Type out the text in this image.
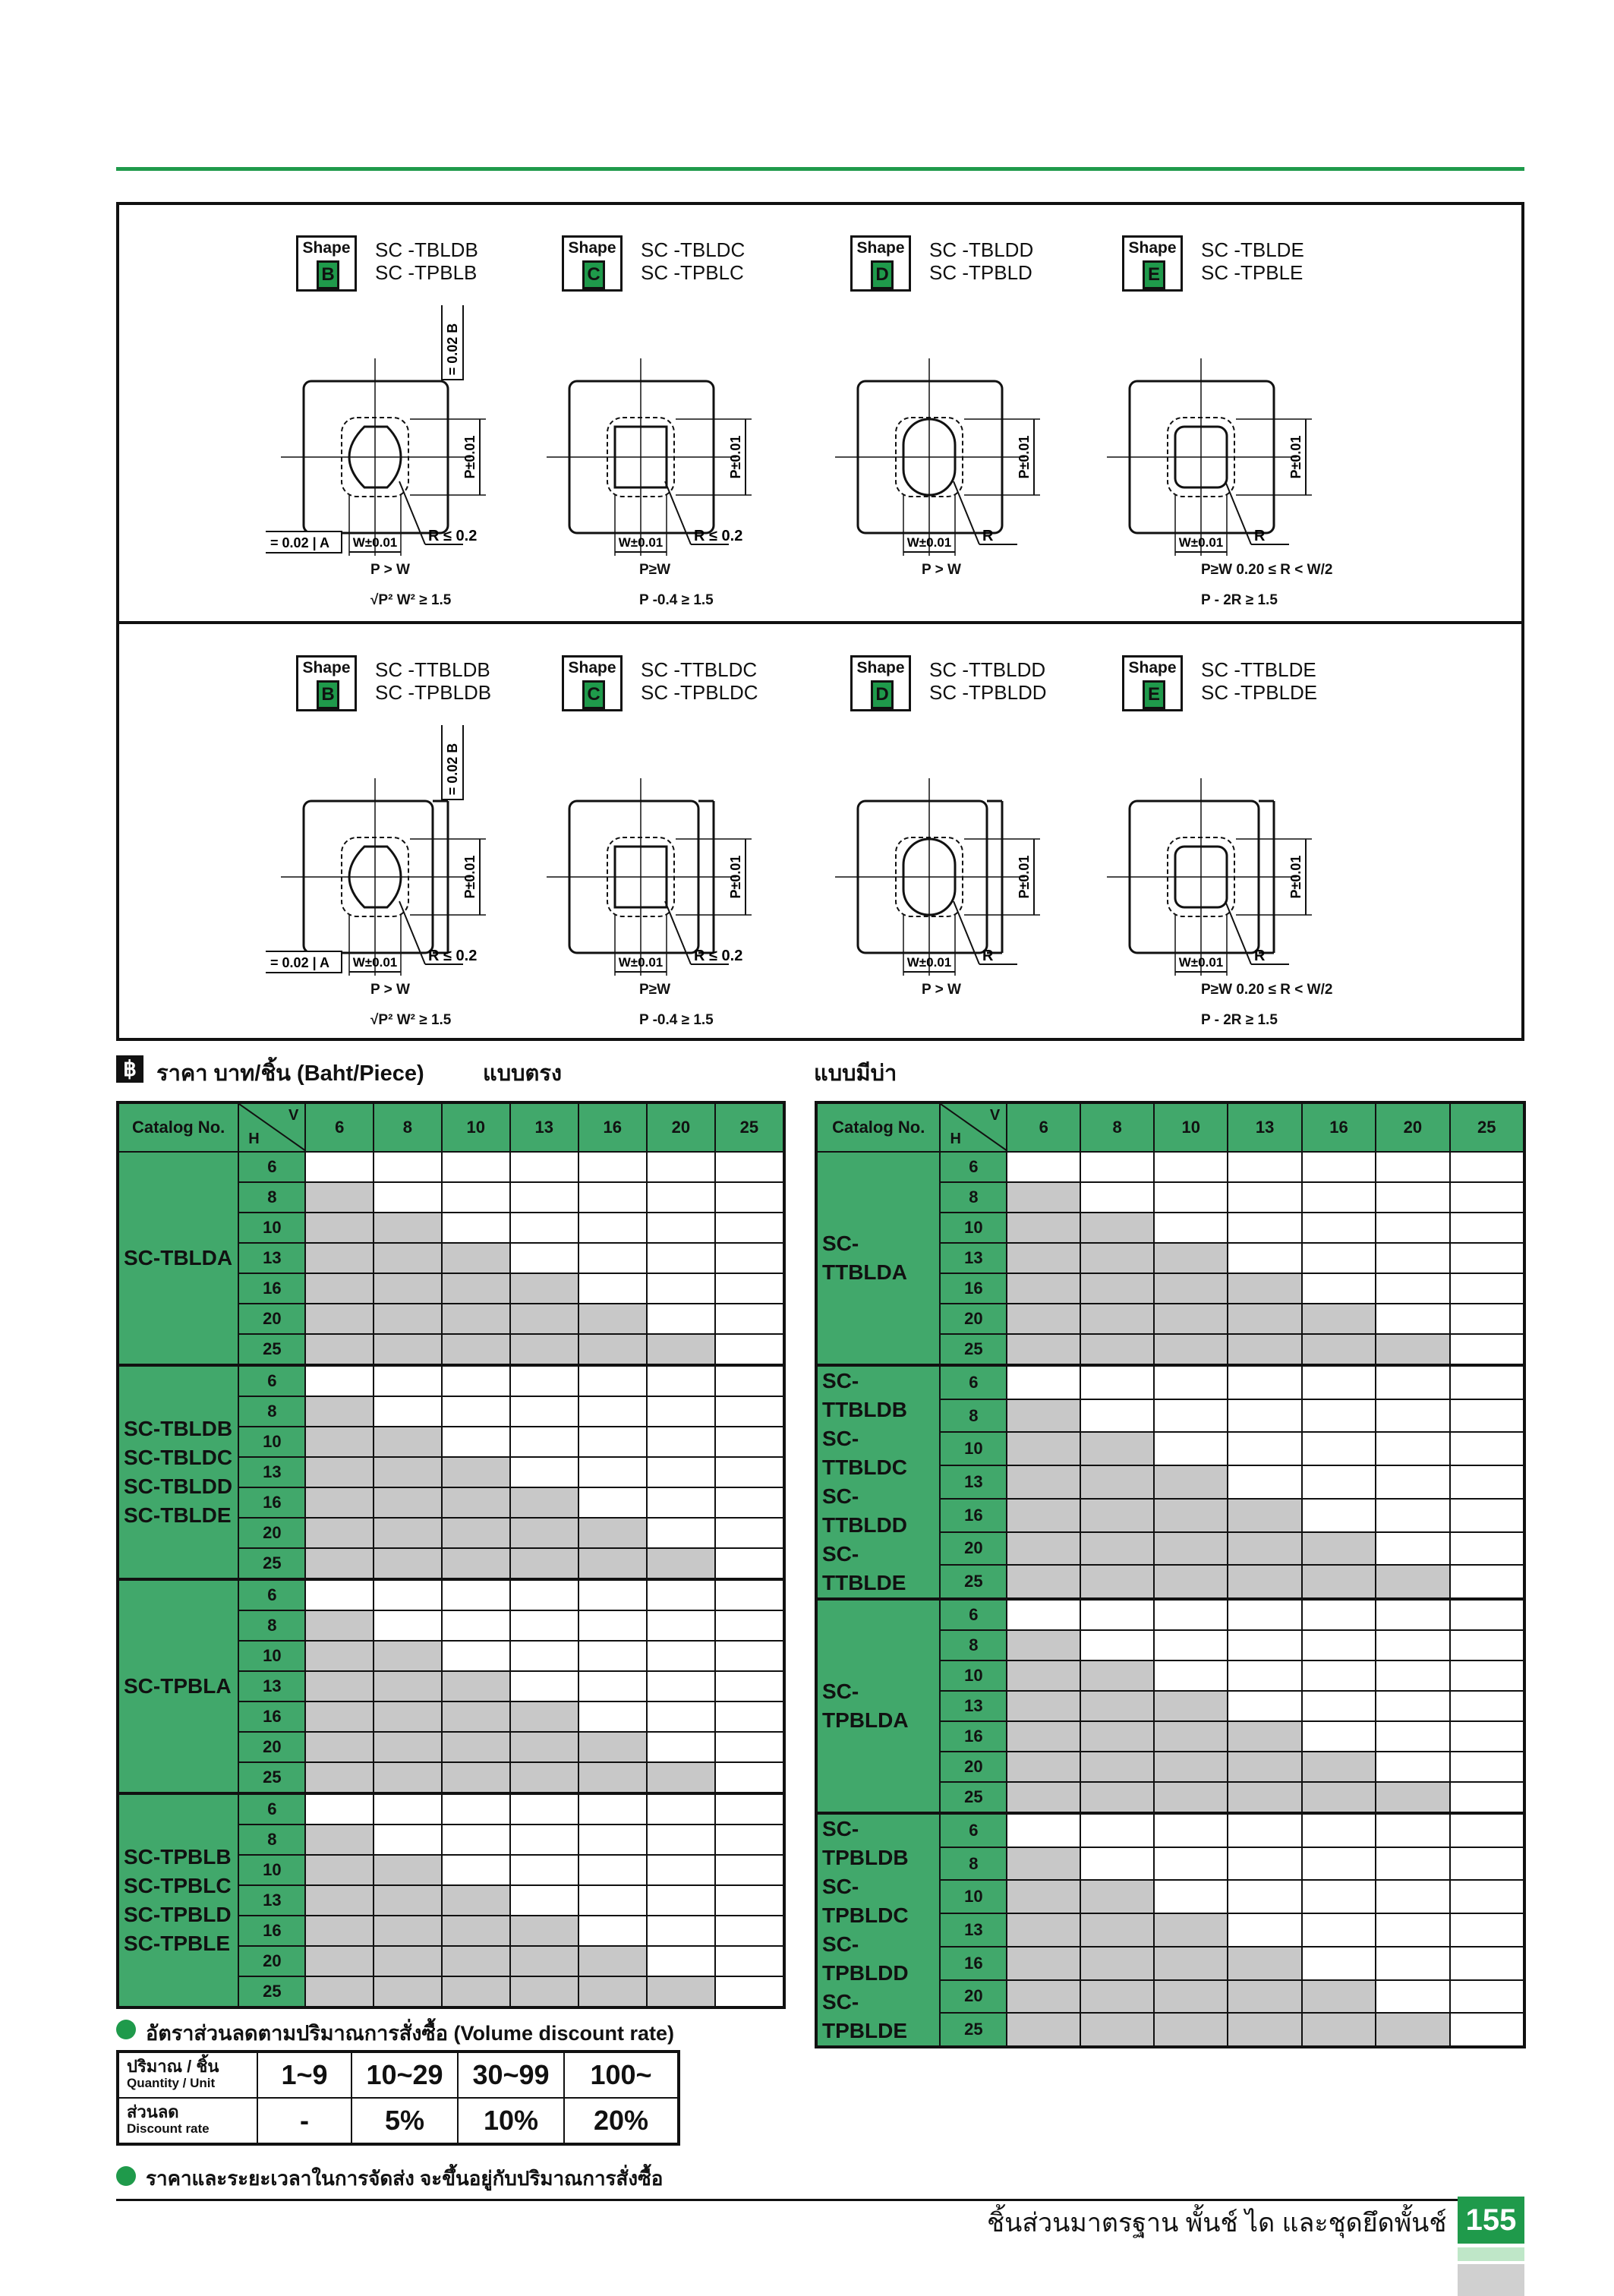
Shape
B
SC -TBLDB
SC -TPBLB
P±0.01
W±0.01 R ≤ 0.2
= 0.02 B
= 0.02 | A
P > W
√P² W² ≥ 1.5
Shape
C
SC -TBLDC
SC -TPBLC
P±0.01
W±0.01 R ≤ 0.2
P≥W
P -0.4 ≥ 1.5
Shape
D
SC -TBLDD
SC -TPBLD
P±0.01
W±0.01 R
P > W
Shape
E
SC -TBLDE
SC -TPBLE
P±0.01
W±0.01 R
P≥W 0.20 ≤ R < W/2
P - 2R ≥ 1.5
Shape
B
SC -TTBLDB
SC -TPBLDB
P±0.01
W±0.01 R ≤ 0.2
= 0.02 B
= 0.02 | A
P > W
√P² W² ≥ 1.5
Shape
C
SC -TTBLDC
SC -TPBLDC
P±0.01
W±0.01 R ≤ 0.2
P≥W
P -0.4 ≥ 1.5
Shape
D
SC -TTBLDD
SC -TPBLDD
P±0.01
W±0.01 R
P > W
Shape
E
SC -TTBLDE
SC -TPBLDE
P±0.01
W±0.01 R
P≥W 0.20 ≤ R < W/2
P - 2R ≥ 1.5
฿ ราคา บาท/ชิ้น (Baht/Piece)	แบบตรง	แบบมีบ่า
Catalog No.	V
H	6	8	10	13	16	20	25

SC-TBLDA	6							
	8							
	10							
	13							
	16							
	20							
	25							

SC-TBLDB
SC-TBLDC
SC-TBLDD
SC-TBLDE	6							
	8							
	10							
	13							
	16							
	20							
	25							

SC-TPBLA	6							
	8							
	10							
	13							
	16							
	20							
	25							

SC-TPBLB
SC-TPBLC
SC-TPBLD
SC-TPBLE	6							
	8							
	10							
	13							
	16							
	20							
	25							
Catalog No.	V
H	6	8	10	13	16	20	25

SC-TTBLDA	6							
	8							
	10							
	13							
	16							
	20							
	25							

SC-TTBLDB
SC-TTBLDC
SC-TTBLDD
SC-TTBLDE	6							
	8							
	10							
	13							
	16							
	20							
	25							

SC-TPBLDA	6							
	8							
	10							
	13							
	16							
	20							
	25							

SC-TPBLDB
SC-TPBLDC
SC-TPBLDD
SC-TPBLDE	6							
	8							
	10							
	13							
	16							
	20							
	25							
อัตราส่วนลดตามปริมาณการสั่งซื้อ (Volume discount rate)
ปริมาณ / ชิ้น
Quantity / Unit	1~9	10~29	30~99	100~
ส่วนลด
Discount rate	-	5%	10%	20%
ราคาและระยะเวลาในการจัดส่ง จะขึ้นอยู่กับปริมาณการสั่งซื้อ
ชิ้นส่วนมาตรฐาน พั้นช์ ได และชุดยึดพั้นช์ 155
